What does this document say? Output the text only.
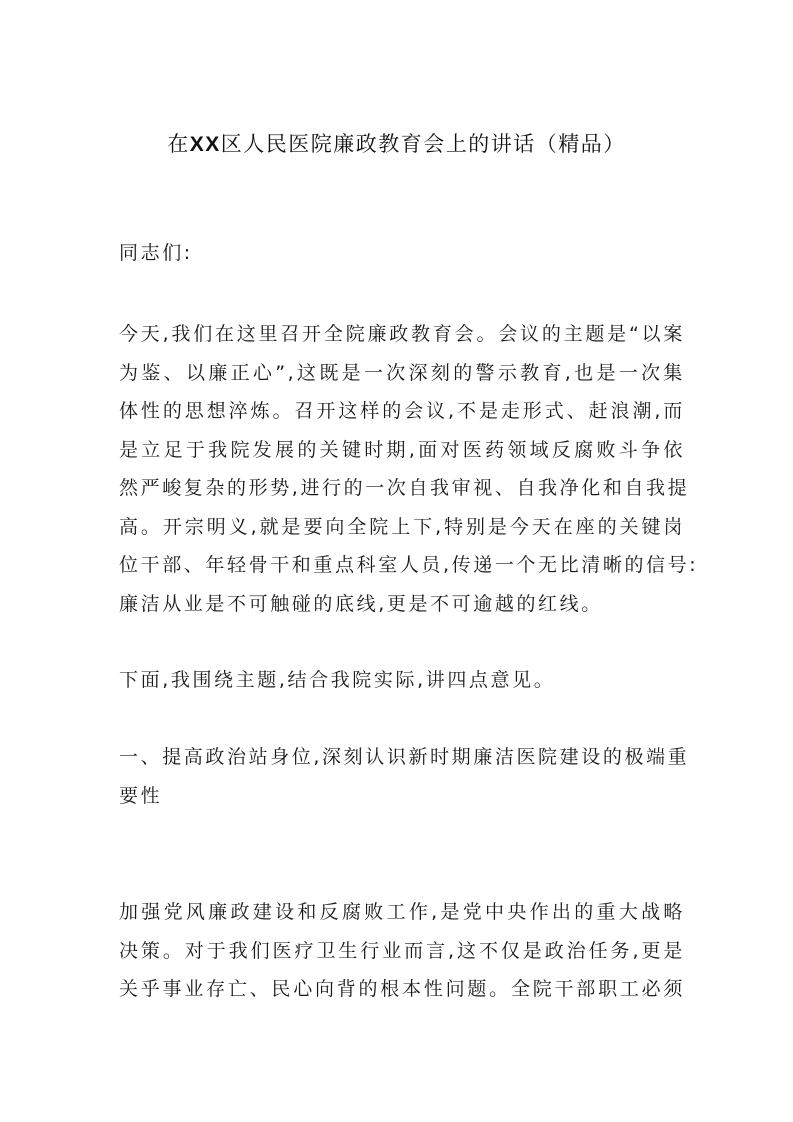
在XX区人民医院廉政教育会上的讲话（精品）
同志们:
今天,我们在这里召开全院廉政教育会。会议的主题是“以案
为鉴、以廉正心”,这既是一次深刻的警示教育,也是一次集
体性的思想淬炼。召开这样的会议,不是走形式、赶浪潮,而
是立足于我院发展的关键时期,面对医药领域反腐败斗争依
然严峻复杂的形势,进行的一次自我审视、自我净化和自我提
高。开宗明义,就是要向全院上下,特别是今天在座的关键岗
位干部、年轻骨干和重点科室人员,传递一个无比清晰的信号:
廉洁从业是不可触碰的底线,更是不可逾越的红线。
下面,我围绕主题,结合我院实际,讲四点意见。
一、提高政治站身位,深刻认识新时期廉洁医院建设的极端重
要性
加强党风廉政建设和反腐败工作,是党中央作出的重大战略
决策。对于我们医疗卫生行业而言,这不仅是政治任务,更是
关乎事业存亡、民心向背的根本性问题。全院干部职工必须
